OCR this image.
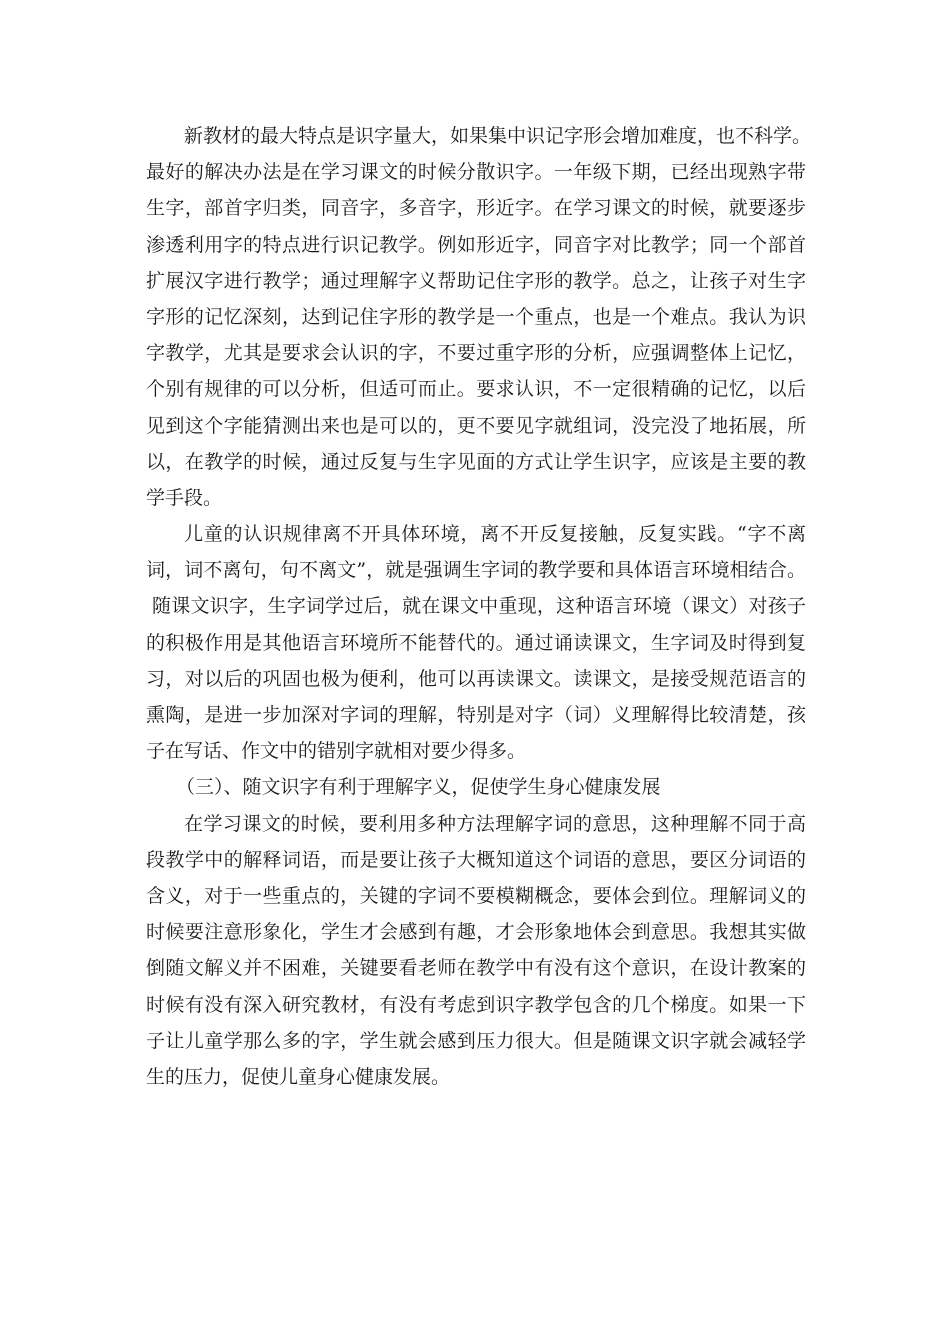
新教材的最大特点是识字量大，如果集中识记字形会增加难度，也不科学。
最好的解决办法是在学习课文的时候分散识字。一年级下期，已经出现熟字带
生字，部首字归类，同音字，多音字，形近字。在学习课文的时候，就要逐步
渗透利用字的特点进行识记教学。例如形近字，同音字对比教学；同一个部首
扩展汉字进行教学；通过理解字义帮助记住字形的教学。总之，让孩子对生字
字形的记忆深刻，达到记住字形的教学是一个重点，也是一个难点。我认为识
字教学，尤其是要求会认识的字，不要过重字形的分析，应强调整体上记忆，
个别有规律的可以分析，但适可而止。要求认识，不一定很精确的记忆，以后
见到这个字能猜测出来也是可以的，更不要见字就组词，没完没了地拓展，所
以，在教学的时候，通过反复与生字见面的方式让学生识字，应该是主要的教
学手段。
儿童的认识规律离不开具体环境，离不开反复接触，反复实践。“字不离
词，词不离句，句不离文”，就是强调生字词的教学要和具体语言环境相结合。
随课文识字，生字词学过后，就在课文中重现，这种语言环境（课文）对孩子
的积极作用是其他语言环境所不能替代的。通过诵读课文，生字词及时得到复
习，对以后的巩固也极为便利，他可以再读课文。读课文，是接受规范语言的
熏陶，是进一步加深对字词的理解，特别是对字（词）义理解得比较清楚，孩
子在写话、作文中的错别字就相对要少得多。
（三）、随文识字有利于理解字义，促使学生身心健康发展
在学习课文的时候，要利用多种方法理解字词的意思，这种理解不同于高
段教学中的解释词语，而是要让孩子大概知道这个词语的意思，要区分词语的
含义，对于一些重点的，关键的字词不要模糊概念，要体会到位。理解词义的
时候要注意形象化，学生才会感到有趣，才会形象地体会到意思。我想其实做
倒随文解义并不困难，关键要看老师在教学中有没有这个意识，在设计教案的
时候有没有深入研究教材，有没有考虑到识字教学包含的几个梯度。如果一下
子让儿童学那么多的字，学生就会感到压力很大。但是随课文识字就会减轻学
生的压力，促使儿童身心健康发展。
